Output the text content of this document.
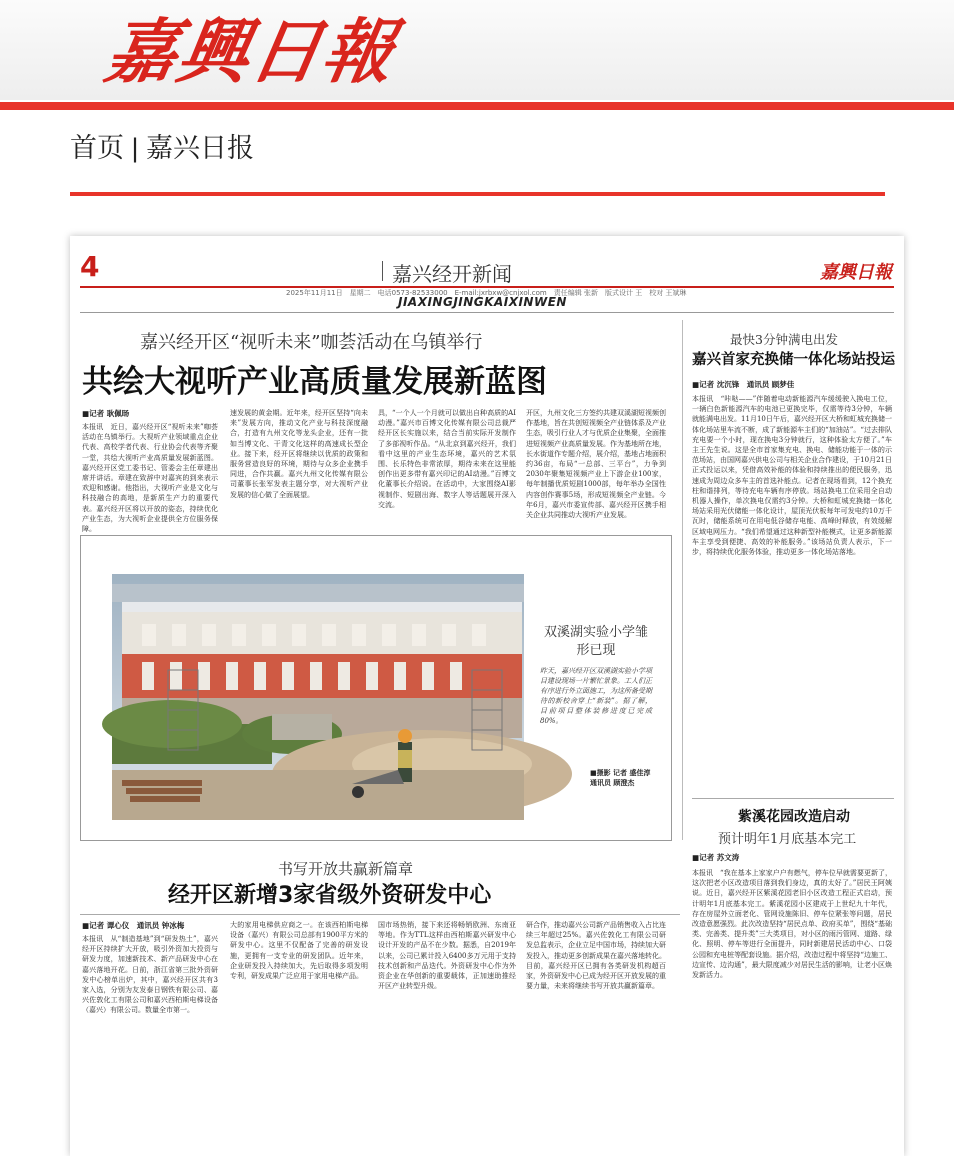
嘉興日報
首页 | 嘉兴日报
4	嘉兴经开新闻	嘉興日報
2025年11月11日　星期二　电话0573-82533000　E-mail:jxrbxw@cnjxol.com　责任编辑 张新　版式设计 王　校对 王斌琳
JIAXINGJINGKAIXINWEN
嘉兴经开区“视听未来”咖荟活动在乌镇举行
共绘大视听产业高质量发展新蓝图
■记者 耿佩旸
本报讯　近日，嘉兴经开区“视听未来”咖荟活动在乌镇举行。大视听产业领域重点企业代表、高校学者代表、行业协会代表等齐聚一堂，共绘大视听产业高质量发展新蓝图。嘉兴经开区党工委书记、管委会主任章建出席并讲话。章建在致辞中对嘉宾的到来表示欢迎和感谢。他指出，大视听产业是文化与科技融合的高地，是新质生产力的重要代表。嘉兴经开区将以开放的姿态，持续优化产业生态，为大视听企业提供全方位服务保障。
速发展的黄金期。近年来，经开区坚持“向未来”发展方向，推动文化产业与科技深度融合，打造有九州文化等龙头企业，还有一批如当博文化、干青文化这样的高速成长型企业。接下来，经开区将继续以优质的政策和服务营造良好的环境，期待与众多企业携手同进，合作共赢。嘉兴九州文化传媒有限公司董事长张军发表主题分享，对大视听产业发展的信心做了全面展望。
具，“一个人一个月就可以做出自种高质的AI动漫。”嘉兴市百博文化传媒有限公司总裁严经开区长实施以来，结合当前实际开发制作了多部视听作品。“从北京到嘉兴经开，我们看中这里的产业生态环境，嘉兴的艺术氛围、长乐特色非常浓厚，期待未来在这里能创作出更多带有嘉兴印记的AI动漫。”百博文化董事长介绍说。在活动中，大家围绕AI影视制作、短剧出海、数字人等话题展开深入交流。
开区，九州文化三方签约共建双溪湖短视频创作基地，旨在共创短视频全产业链体系及产业生态，吸引行业人才与优质企业集聚，全面推进短视频产业高质量发展。作为基地所在地，长水街道作专题介绍，展介绍，基地占地面积约36亩，布局“一总部、三平台”，力争到2030年聚集短视频产业上下游企业100家，每年制播优质短剧1000部，每年举办全国性内容创作赛事5场，形成短视频全产业链。今年6月，嘉兴市委宣传部、嘉兴经开区携手相关企业共同推动大视听产业发展。
最快3分钟满电出发
嘉兴首家充换储一体化场站投运
■记者 沈沉锋　通讯员 顾梦佳
本报讯　“咔哒——”伴随着电动新能源汽车缓缓驶入换电工位，一辆白色新能源汽车的电池已更换完毕，仅需等待3分钟，车辆就能满电出发。11月10日午后，嘉兴经开区大桥和虹城充换储一体化场站里车流不断，成了新能源车主们的“加油站”。“过去排队充电要一个小时，现在换电3分钟就行，这种体验太方便了。”车主王先生说。这是全市首家集充电、换电、储能功能于一体的示范场站，由国网嘉兴供电公司与相关企业合作建设，于10月21日正式投运以来，凭借高效补能的体验和持续推出的便民服务，迅速成为周边众多车主的首选补能点。记者在现场看到，12个换充柱和谐排列，等待充电车辆有序停放。场站换电工位采用全自动机器人操作，单次换电仅需约3分钟。大桥和虹城充换储一体化场站采用光伏储能一体化设计，屋顶光伏板每年可发电约10万千瓦时，储能系统可在用电低谷储存电能、高峰时释放，有效缓解区域电网压力。“我们希望通过这种新型补能模式，让更多新能源车主享受到便捷、高效的补能服务。”该场站负责人表示，下一步，将持续优化服务体验，推动更多一体化场站落地。
紫溪花园改造启动
预计明年1月底基本完工
■记者 苏文涛
本报讯　“我在基本上家家户户有燃气，停车位早就需要更新了，这次把老小区改造项目落到我们身边，真的太好了。”居民王阿姨说。近日，嘉兴经开区紫溪花园老旧小区改造工程正式启动，预计明年1月底基本完工。紫溪花园小区建成于上世纪九十年代，存在房屋外立面老化、管网设施陈旧、停车位紧张等问题，居民改造意愿强烈。此次改造坚持“居民点单、政府买单”，围绕“基础类、完善类、提升类”三大类项目，对小区的雨污管网、道路、绿化、照明、停车等进行全面提升，同时新建居民活动中心、口袋公园和充电桩等配套设施。据介绍，改造过程中将坚持“边施工、边宣传、边沟通”，最大限度减少对居民生活的影响，让老小区焕发新活力。
双溪湖实验小学雏形已现
昨天，嘉兴经开区双溪湖实验小学项目建设现场一片繁忙景象。工人们正有序进行外立面施工，为这所备受期待的新校舍穿上“新装”。据了解，目前项目整体装修进度已完成80%。
■摄影 记者 盛佳淳　通讯员 顾澄杰
书写开放共赢新篇章
经开区新增3家省级外资研发中心
■记者 谭心仪　通讯员 钟冰梅
本报讯　从“制造基地”到“研发热土”，嘉兴经开区持续扩大开放，吸引外资加大投资与研发力度，加速新技术、新产品研发中心在嘉兴落地开花。日前，浙江省第三批外资研发中心榜单出炉，其中，嘉兴经开区共有3家入选，分别为友发泰日钢铁有限公司、嘉兴佐敦化工有限公司和嘉兴西柏斯电梯设备（嘉兴）有限公司。数量全市第一。
大的家用电梯供应商之一。在该西柏斯电梯设备（嘉兴）有限公司总部有1900平方米的研发中心。这里不仅配备了完善的研发设施，更拥有一支专业的研发团队。近年来，企业研发投入持续加大，先后取得多项发明专利，研发成果广泛应用于家用电梯产品。
国市场热销，接下来还将畅销欧洲、东南亚等地。作为TTL这样由西柏斯嘉兴研发中心设计开发的产品不在少数。据悉，自2019年以来，公司已累计投入6400多万元用于支持技术创新和产品迭代。外资研发中心作为外资企业在华创新的重要载体，正加速助推经开区产业转型升级。
研合作，推动嘉兴公司新产品销售收入占比连续三年超过25%。嘉兴佐敦化工有限公司研发总监表示，企业立足中国市场，持续加大研发投入，推动更多创新成果在嘉兴落地转化。目前，嘉兴经开区已拥有各类研发机构超百家，外资研发中心已成为经开区开放发展的重要力量，未来将继续书写开放共赢新篇章。
